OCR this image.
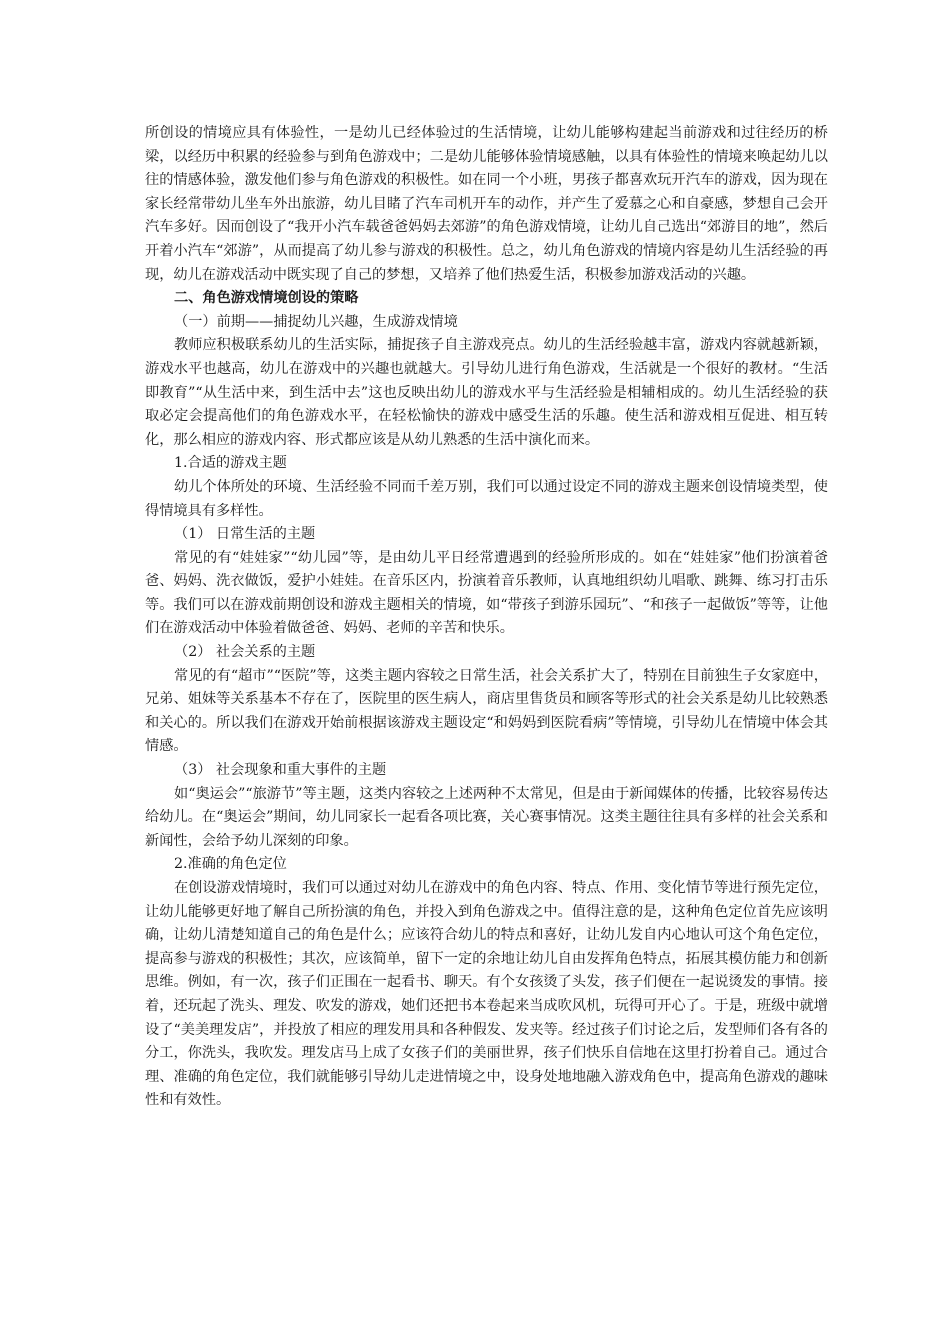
所创设的情境应具有体验性，一是幼儿已经体验过的生活情境，让幼儿能够构建起当前游戏和过往经历的桥梁，以经历中积累的经验参与到角色游戏中；二是幼儿能够体验情境感触，以具有体验性的情境来唤起幼儿以往的情感体验，激发他们参与角色游戏的积极性。如在同一个小班，男孩子都喜欢玩开汽车的游戏，因为现在家长经常带幼儿坐车外出旅游，幼儿目睹了汽车司机开车的动作，并产生了爱慕之心和自豪感，梦想自己会开汽车多好。因而创设了“我开小汽车载爸爸妈妈去郊游”的角色游戏情境，让幼儿自己选出“郊游目的地”，然后开着小汽车“郊游”，从而提高了幼儿参与游戏的积极性。总之，幼儿角色游戏的情境内容是幼儿生活经验的再现，幼儿在游戏活动中既实现了自己的梦想，又培养了他们热爱生活，积极参加游戏活动的兴趣。

二、角色游戏情境创设的策略

（一）前期——捕捉幼儿兴趣，生成游戏情境

教师应积极联系幼儿的生活实际，捕捉孩子自主游戏亮点。幼儿的生活经验越丰富，游戏内容就越新颖，游戏水平也越高，幼儿在游戏中的兴趣也就越大。引导幼儿进行角色游戏，生活就是一个很好的教材。“生活即教育”“从生活中来，到生活中去”这也反映出幼儿的游戏水平与生活经验是相辅相成的。幼儿生活经验的获取必定会提高他们的角色游戏水平，在轻松愉快的游戏中感受生活的乐趣。使生活和游戏相互促进、相互转化，那么相应的游戏内容、形式都应该是从幼儿熟悉的生活中演化而来。

1.合适的游戏主题

幼儿个体所处的环境、生活经验不同而千差万别，我们可以通过设定不同的游戏主题来创设情境类型，使得情境具有多样性。

（1） 日常生活的主题

常见的有“娃娃家”“幼儿园”等，是由幼儿平日经常遭遇到的经验所形成的。如在“娃娃家”他们扮演着爸爸、妈妈、洗衣做饭，爱护小娃娃。在音乐区内，扮演着音乐教师，认真地组织幼儿唱歌、跳舞、练习打击乐等。我们可以在游戏前期创设和游戏主题相关的情境，如“带孩子到游乐园玩”、“和孩子一起做饭”等等，让他们在游戏活动中体验着做爸爸、妈妈、老师的辛苦和快乐。

（2） 社会关系的主题

常见的有“超市”“医院”等，这类主题内容较之日常生活，社会关系扩大了，特别在目前独生子女家庭中，兄弟、姐妹等关系基本不存在了，医院里的医生病人，商店里售货员和顾客等形式的社会关系是幼儿比较熟悉和关心的。所以我们在游戏开始前根据该游戏主题设定“和妈妈到医院看病”等情境，引导幼儿在情境中体会其情感。

（3） 社会现象和重大事件的主题

如“奥运会”“旅游节”等主题，这类内容较之上述两种不太常见，但是由于新闻媒体的传播，比较容易传达给幼儿。在“奥运会”期间，幼儿同家长一起看各项比赛，关心赛事情况。这类主题往往具有多样的社会关系和新闻性，会给予幼儿深刻的印象。

2.准确的角色定位

在创设游戏情境时，我们可以通过对幼儿在游戏中的角色内容、特点、作用、变化情节等进行预先定位，让幼儿能够更好地了解自己所扮演的角色，并投入到角色游戏之中。值得注意的是，这种角色定位首先应该明确，让幼儿清楚知道自己的角色是什么；应该符合幼儿的特点和喜好，让幼儿发自内心地认可这个角色定位，提高参与游戏的积极性；其次，应该简单，留下一定的余地让幼儿自由发挥角色特点，拓展其模仿能力和创新思维。例如，有一次，孩子们正围在一起看书、聊天。有个女孩烫了头发，孩子们便在一起说烫发的事情。接着，还玩起了洗头、理发、吹发的游戏，她们还把书本卷起来当成吹风机，玩得可开心了。于是，班级中就增设了“美美理发店”，并投放了相应的理发用具和各种假发、发夹等。经过孩子们讨论之后，发型师们各有各的分工，你洗头，我吹发。理发店马上成了女孩子们的美丽世界，孩子们快乐自信地在这里打扮着自己。通过合理、准确的角色定位，我们就能够引导幼儿走进情境之中，设身处地地融入游戏角色中，提高角色游戏的趣味性和有效性。
